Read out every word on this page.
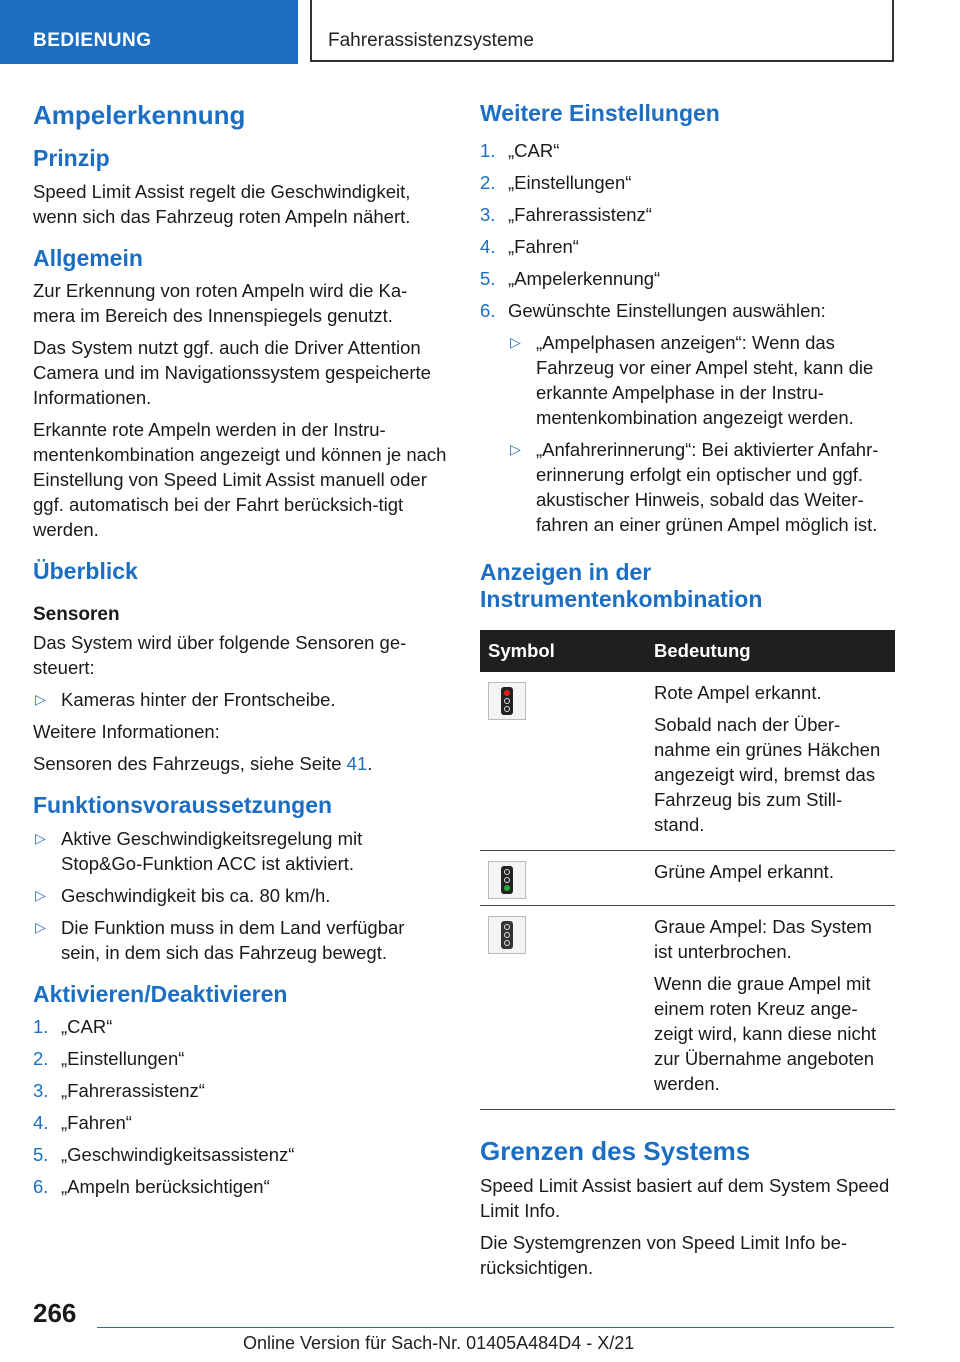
BEDIENUNG	Fahrerassistenzsysteme
Ampelerkennung
Prinzip

Speed Limit Assist regelt die Geschwindigkeit, wenn sich das Fahrzeug roten Ampeln nähert.

Allgemein

Zur Erkennung von roten Ampeln wird die Ka-mera im Bereich des Innenspiegels genutzt.

Das System nutzt ggf. auch die Driver Attention Camera und im Navigationssystem gespeicherte Informationen.

Erkannte rote Ampeln werden in der Instru-mentenkombination angezeigt und können je nach Einstellung von Speed Limit Assist manuell oder ggf. automatisch bei der Fahrt berücksich-tigt werden.

Überblick
Sensoren

Das System wird über folgende Sensoren ge-steuert:

▷ Kameras hinter der Frontscheibe.

Weitere Informationen:

Sensoren des Fahrzeugs, siehe Seite 41.

Funktionsvoraussetzungen
▷ Aktive Geschwindigkeitsregelung mit Stop&Go-Funktion ACC ist aktiviert.
▷ Geschwindigkeit bis ca. 80 km/h.
▷ Die Funktion muss in dem Land verfügbar sein, in dem sich das Fahrzeug bewegt.
Aktivieren/Deaktivieren
1. „CAR“
2. „Einstellungen“
3. „Fahrerassistenz“
4. „Fahren“
5. „Geschwindigkeitsassistenz“
6. „Ampeln berücksichtigen“
Weitere Einstellungen
1. „CAR“
2. „Einstellungen“
3. „Fahrerassistenz“
4. „Fahren“
5. „Ampelerkennung“
6. Gewünschte Einstellungen auswählen:
▷ „Ampelphasen anzeigen“: Wenn das Fahrzeug vor einer Ampel steht, kann die erkannte Ampelphase in der Instru-mentenkombination angezeigt werden.
▷ „Anfahrerinnerung“: Bei aktivierter Anfahr-erinnerung erfolgt ein optischer und ggf. akustischer Hinweis, sobald das Weiter-fahren an einer grünen Ampel möglich ist.
Anzeigen in der
Instrumentenkombination
Symbol	Bedeutung

	Rote Ampel erkannt.

Sobald nach der Über-nahme ein grünes Häkchen angezeigt wird, bremst das Fahrzeug bis zum Still-stand.

	Grüne Ampel erkannt.

	Graue Ampel: Das System ist unterbrochen.

Wenn die graue Ampel mit einem roten Kreuz ange-zeigt wird, kann diese nicht zur Übernahme angeboten werden.

Grenzen des Systems

Speed Limit Assist basiert auf dem System Speed Limit Info.

Die Systemgrenzen von Speed Limit Info be-rücksichtigen.

266
Online Version für Sach-Nr. 01405A484D4 - X/21
